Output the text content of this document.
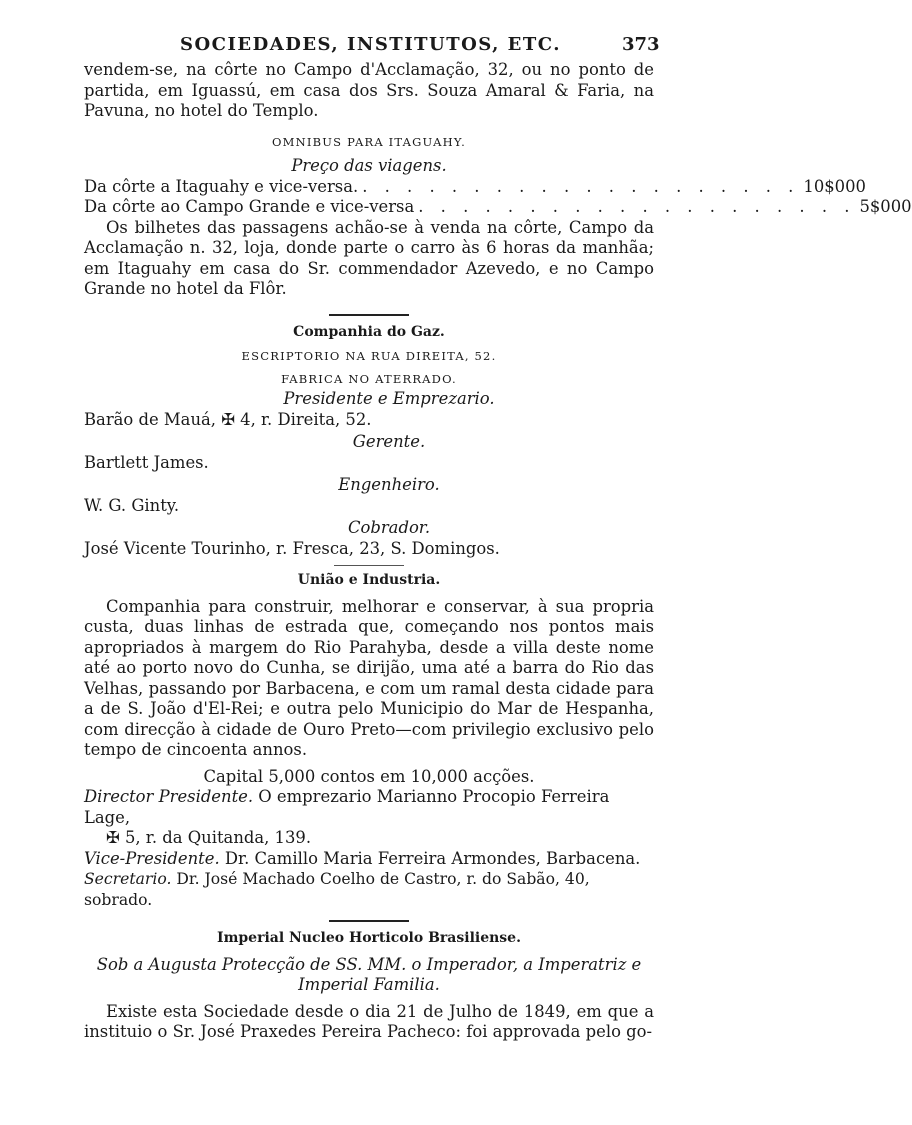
SOCIEDADES, INSTITUTOS, ETC.	373

vendem-se, na côrte no Campo d'Acclamação, 32, ou no ponto de partida, em Iguassú, em casa dos Srs. Souza Amaral & Faria, na Pavuna, no hotel do Templo.

OMNIBUS PARA ITAGUAHY.

Preço das viagens.

Da côrte a Itaguahy e vice-versa. . . . . . . . . . . . . . . . . . . . . 10$000
Da côrte ao Campo Grande e vice-versa . . . . . . . . . . . . . . . . . . . . 5$000

Os bilhetes das passagens achão-se à venda na côrte, Campo da Acclamação n. 32, loja, donde parte o carro às 6 horas da manhãa; em Itaguahy em casa do Sr. commendador Azevedo, e no Campo Grande no hotel da Flôr.

Companhia do Gaz.

ESCRIPTORIO NA RUA DIREITA, 52.

FABRICA NO ATERRADO.

Presidente e Emprezario.

Barão de Mauá, ✠ 4, r. Direita, 52.

Gerente.

Bartlett James.

Engenheiro.

W. G. Ginty.

Cobrador.

José Vicente Tourinho, r. Fresca, 23, S. Domingos.

União e Industria.

Companhia para construir, melhorar e conservar, à sua propria custa, duas linhas de estrada que, começando nos pontos mais apropriados à margem do Rio Parahyba, desde a villa deste nome até ao porto novo do Cunha, se dirijão, uma até a barra do Rio das Velhas, passando por Barbacena, e com um ramal desta cidade para a de S. João d'El-Rei; e outra pelo Municipio do Mar de Hespanha, com direcção à cidade de Ouro Preto—com privilegio exclusivo pelo tempo de cincoenta annos.

Capital 5,000 contos em 10,000 acções.

Director Presidente. O emprezario Marianno Procopio Ferreira Lage,

✠ 5, r. da Quitanda, 139.

Vice-Presidente. Dr. Camillo Maria Ferreira Armondes, Barbacena.

Secretario. Dr. José Machado Coelho de Castro, r. do Sabão, 40, sobrado.

Imperial Nucleo Horticolo Brasiliense.

Sob a Augusta Protecção de SS. MM. o Imperador, a Imperatriz e Imperial Familia.

Existe esta Sociedade desde o dia 21 de Julho de 1849, em que a instituio o Sr. José Praxedes Pereira Pacheco: foi approvada pelo go-
